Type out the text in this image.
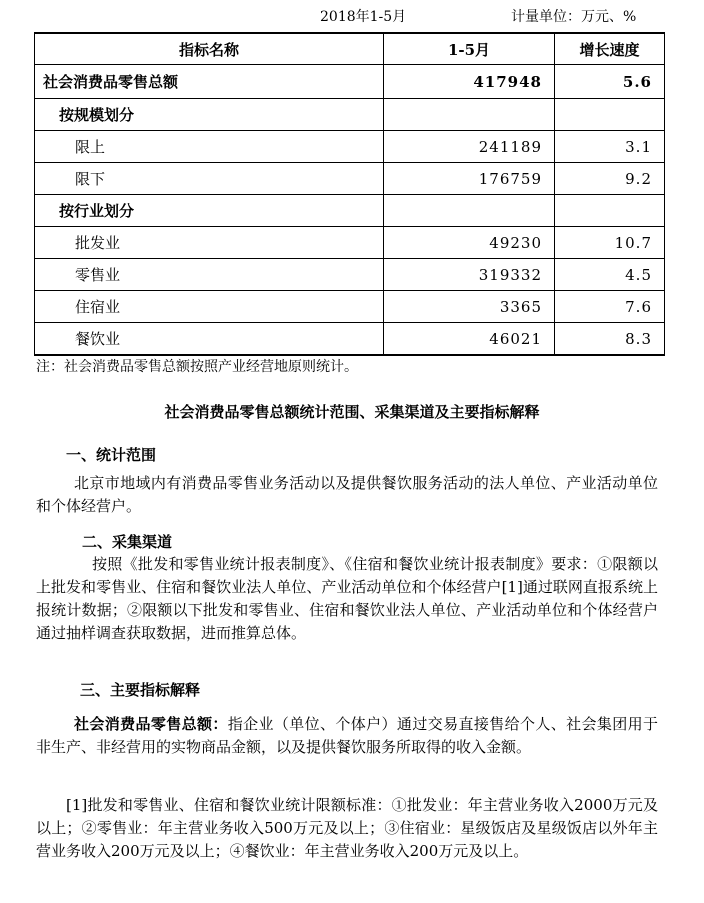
2018年1-5月	计量单位：万元、%
指标名称	1-5月	增长速度
社会消费品零售总额	417948	5.6
按规模划分		
限上	241189	3.1
限下	176759	9.2
按行业划分		
批发业	49230	10.7
零售业	319332	4.5
住宿业	3365	7.6
餐饮业	46021	8.3
注：社会消费品零售总额按照产业经营地原则统计。
社会消费品零售总额统计范围、采集渠道及主要指标解释
一、统计范围
北京市地域内有消费品零售业务活动以及提供餐饮服务活动的法人单位、产业活动单位和个体经营户。
二、采集渠道
按照《批发和零售业统计报表制度》、《住宿和餐饮业统计报表制度》要求：①限额以上批发和零售业、住宿和餐饮业法人单位、产业活动单位和个体经营户[1]通过联网直报系统上报统计数据；②限额以下批发和零售业、住宿和餐饮业法人单位、产业活动单位和个体经营户通过抽样调查获取数据，进而推算总体。
三、主要指标解释
社会消费品零售总额：指企业（单位、个体户）通过交易直接售给个人、社会集团用于非生产、非经营用的实物商品金额，以及提供餐饮服务所取得的收入金额。
[1]批发和零售业、住宿和餐饮业统计限额标准：①批发业：年主营业务收入2000万元及以上；②零售业：年主营业务收入500万元及以上；③住宿业：星级饭店及星级饭店以外年主营业务收入200万元及以上；④餐饮业：年主营业务收入200万元及以上。
